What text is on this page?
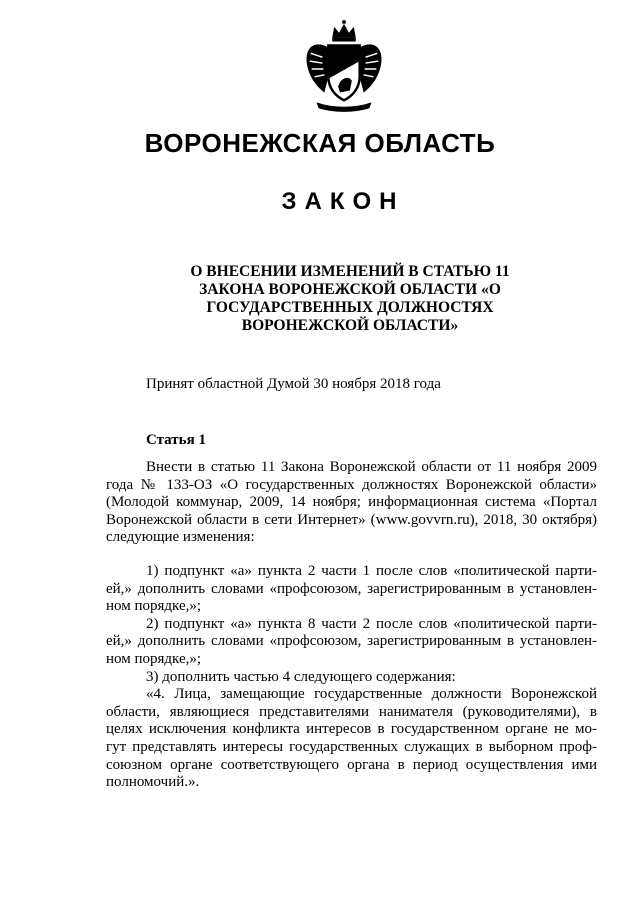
ВОРОНЕЖСКАЯ ОБЛАСТЬ
ЗАКОН
О ВНЕСЕНИИ ИЗМЕНЕНИЙ В СТАТЬЮ 11
ЗАКОНА ВОРОНЕЖСКОЙ ОБЛАСТИ «О
ГОСУДАРСТВЕННЫХ ДОЛЖНОСТЯХ
ВОРОНЕЖСКОЙ ОБЛАСТИ»
Принят областной Думой 30 ноября 2018 года
Статья 1
Внести в статью 11 Закона Воронежской области от 11 ноября 2009
года № 133-ОЗ «О государственных должностях Воронежской области»
(Молодой коммунар, 2009, 14 ноября; информационная система «Портал
Воронежской области в сети Интернет» (www.govvrn.ru), 2018, 30 октября)
следующие изменения:
1) подпункт «а» пункта 2 части 1 после слов «политической парти-
ей,» дополнить словами «профсоюзом, зарегистрированным в установлен-
ном порядке,»;
2) подпункт «а» пункта 8 части 2 после слов «политической парти-
ей,» дополнить словами «профсоюзом, зарегистрированным в установлен-
ном порядке,»;
3) дополнить частью 4 следующего содержания:
«4. Лица, замещающие государственные должности Воронежской
области, являющиеся представителями нанимателя (руководителями), в
целях исключения конфликта интересов в государственном органе не мо-
гут представлять интересы государственных служащих в выборном проф-
союзном органе соответствующего органа в период осуществления ими
полномочий.».
